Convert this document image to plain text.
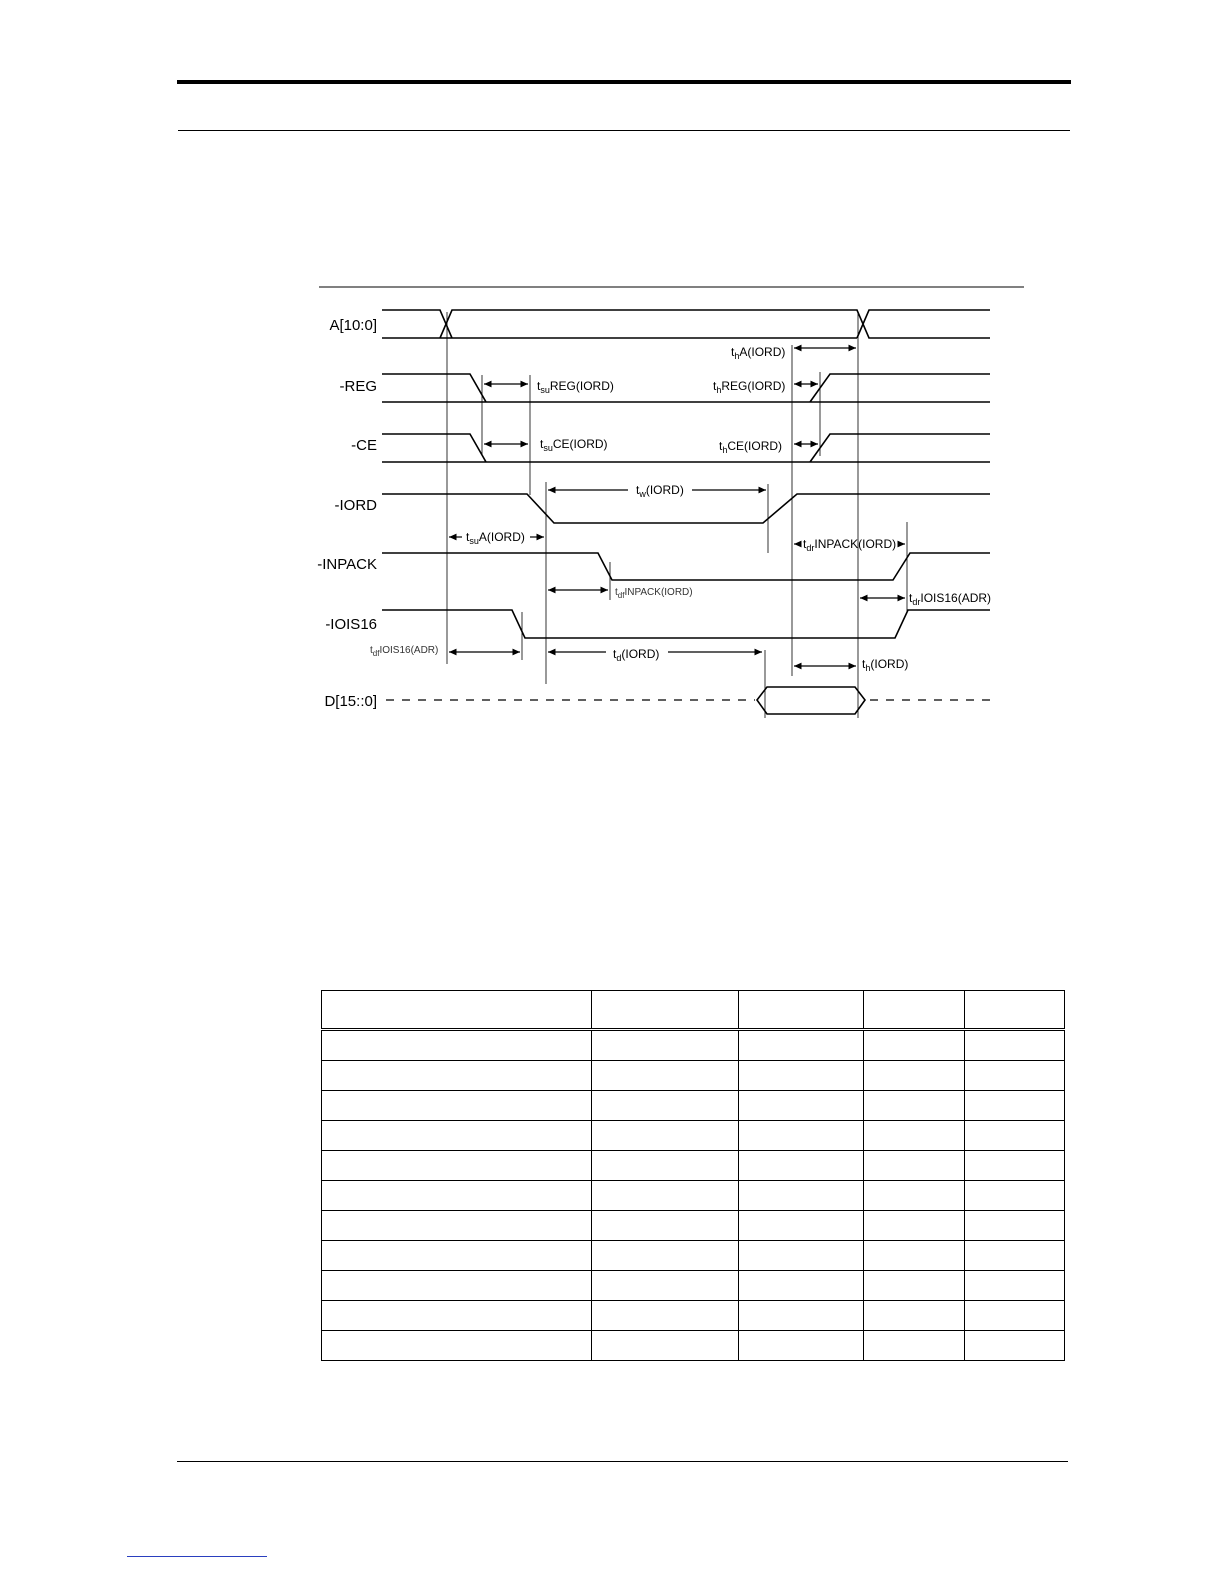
A[10:0]
-REG
-CE
-IORD
-INPACK
-IOIS16
D[15::0]
$t_hA(IORD)$
$t_{su}REG(IORD)$	$t_hREG(IORD)$
$t_{su}CE(IORD)$	$t_hCE(IORD)$
$t_w(IORD)$
$t_{su}A(IORD)$	$t_{dr}INPACK(IORD)$
$t_{df}INPACK(IORD)$	$t_{dr}IOIS16(ADR)$
$t_{df}IOIS16(ADR)$	$t_d(IORD)$
$t_h(IORD)$
